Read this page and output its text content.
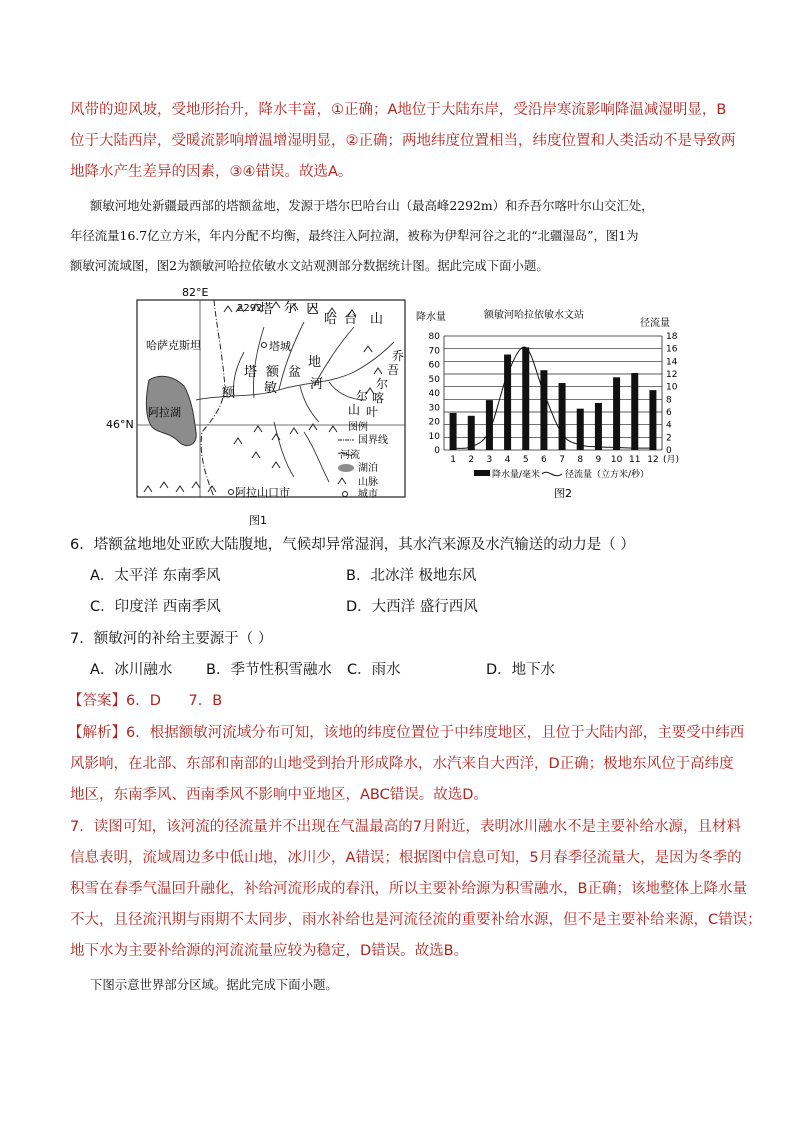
风带的迎风坡，受地形抬升，降水丰富，①正确；A地位于大陆东岸，受沿岸寒流影响降温减湿明显，B
位于大陆西岸，受暖流影响增温增湿明显，②正确；两地纬度位置相当，纬度位置和人类活动不是导致两
地降水产生差异的因素，③④错误。故选A。
额敏河地处新疆最西部的塔额盆地，发源于塔尔巴哈台山（最高峰2292m）和乔吾尔喀叶尔山交汇处，
年径流量16.7亿立方米，年内分配不均衡，最终注入阿拉湖，被称为伊犁河谷之北的“北疆湿岛”，图1为
额敏河流域图，图2为额敏河哈拉依敏水文站观测部分数据统计图。据此完成下面小题。
82°E
46°N
阿拉湖
哈萨克斯坦
2292
塔 尔 巴
哈 台 山
塔城
塔 额 盆
地
额 敏	河
乔
吾
尔
喀
叶
尔
山
阿拉山口市
图例
国界线
河流
湖泊
山脉
城市
图1
额敏河哈拉依敏水文站
降水量
径流量
0
2
4
6
8
10
12
14
16
18
0
10
20
30
40
50
60
70
80
1 2 3 4 5 6 7 8 9 10 11 12 (月)
降水量/毫米	径流量（立方米/秒）
图2
6．塔额盆地地处亚欧大陆腹地，气候却异常湿润，其水汽来源及水汽输送的动力是（ ）
A．太平洋 东南季风	B．北冰洋 极地东风
C．印度洋 西南季风	D．大西洋 盛行西风
7．额敏河的补给主要源于（ ）
A．冰川融水 B．季节性积雪融水 C．雨水	D．地下水
【答案】6．D      7．B
【解析】6．根据额敏河流域分布可知，该地的纬度位置位于中纬度地区，且位于大陆内部，主要受中纬西
风影响，在北部、东部和南部的山地受到抬升形成降水，水汽来自大西洋，D正确；极地东风位于高纬度
地区，东南季风、西南季风不影响中亚地区，ABC错误。故选D。
7．读图可知，该河流的径流量并不出现在气温最高的7月附近，表明冰川融水不是主要补给水源，且材料
信息表明，流域周边多中低山地，冰川少，A错误；根据图中信息可知，5月春季径流量大，是因为冬季的
积雪在春季气温回升融化，补给河流形成的春汛，所以主要补给源为积雪融水，B正确；该地整体上降水量
不大，且径流汛期与雨期不太同步，雨水补给也是河流径流的重要补给水源，但不是主要补给来源，C错误；
地下水为主要补给源的河流流量应较为稳定，D错误。故选B。
下图示意世界部分区域。据此完成下面小题。
